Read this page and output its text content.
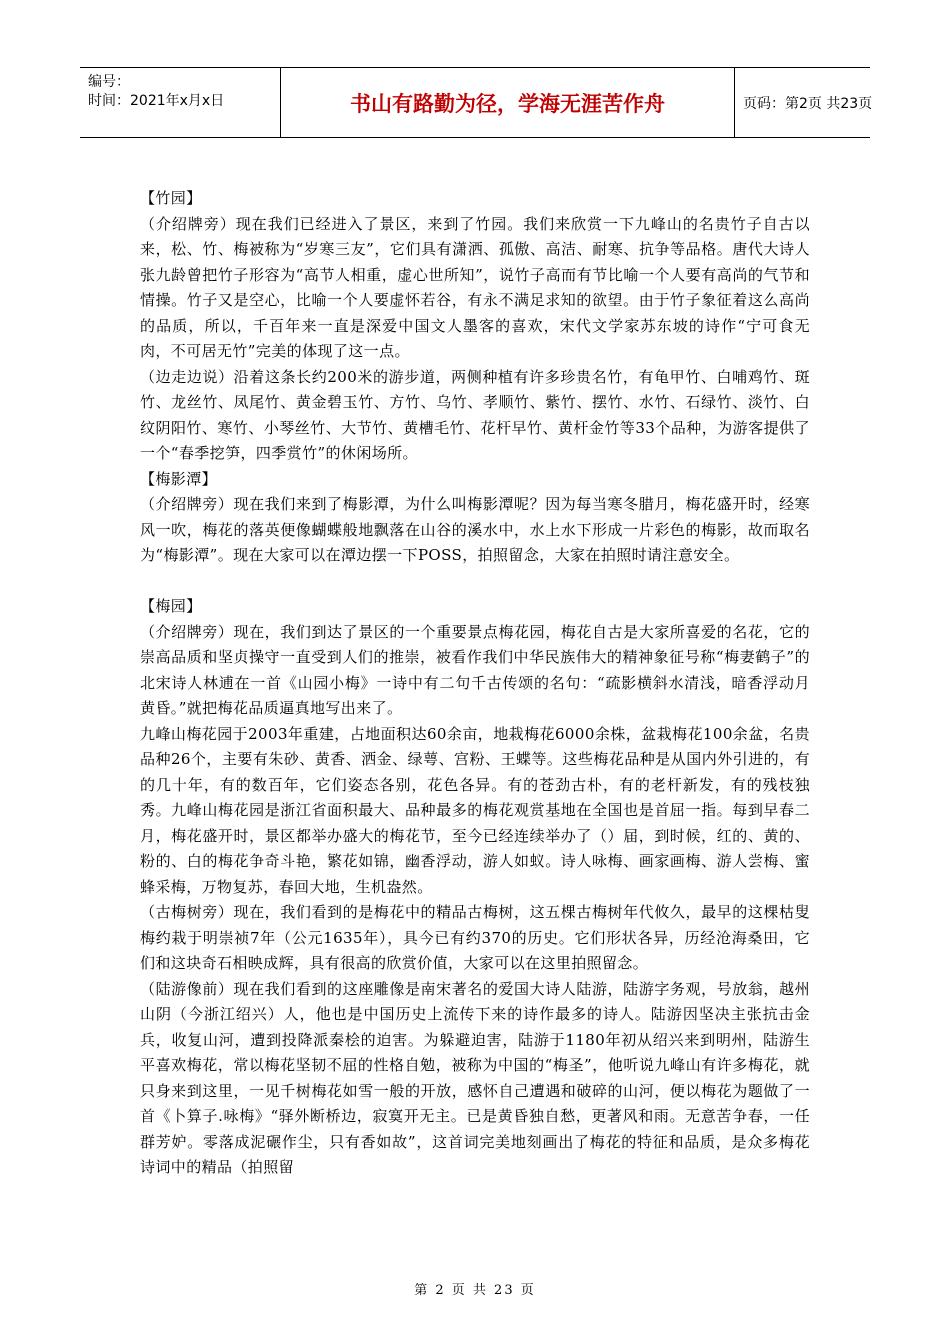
编号：
时间：2021年x月x日	书山有路勤为径，学海无涯苦作舟	页码：第2页 共23页

【竹园】

（介绍牌旁）现在我们已经进入了景区，来到了竹园。我们来欣赏一下九峰山的名贵竹子自古以来，松、竹、梅被称为“岁寒三友”，它们具有潇洒、孤傲、高洁、耐寒、抗争等品格。唐代大诗人张九龄曾把竹子形容为“高节人相重，虚心世所知”，说竹子高而有节比喻一个人要有高尚的气节和情操。竹子又是空心，比喻一个人要虚怀若谷，有永不满足求知的欲望。由于竹子象征着这么高尚的品质，所以，千百年来一直是深爱中国文人墨客的喜欢，宋代文学家苏东坡的诗作“宁可食无肉，不可居无竹”完美的体现了这一点。

（边走边说）沿着这条长约200米的游步道，两侧种植有许多珍贵名竹，有龟甲竹、白哺鸡竹、斑竹、龙丝竹、凤尾竹、黄金碧玉竹、方竹、乌竹、孝顺竹、紫竹、摆竹、水竹、石绿竹、淡竹、白纹阴阳竹、寒竹、小琴丝竹、大节竹、黄槽毛竹、花杆早竹、黄杆金竹等33个品种，为游客提供了一个“春季挖笋，四季赏竹”的休闲场所。

【梅影潭】

（介绍牌旁）现在我们来到了梅影潭，为什么叫梅影潭呢？因为每当寒冬腊月，梅花盛开时，经寒风一吹，梅花的落英便像蝴蝶般地飘落在山谷的溪水中，水上水下形成一片彩色的梅影，故而取名为“梅影潭”。现在大家可以在潭边摆一下POSS，拍照留念，大家在拍照时请注意安全。

【梅园】

（介绍牌旁）现在，我们到达了景区的一个重要景点梅花园，梅花自古是大家所喜爱的名花，它的崇高品质和坚贞操守一直受到人们的推崇，被看作我们中华民族伟大的精神象征号称“梅妻鹤子”的北宋诗人林逋在一首《山园小梅》一诗中有二句千古传颂的名句：“疏影横斜水清浅，暗香浮动月黄昏。”就把梅花品质逼真地写出来了。

九峰山梅花园于2003年重建，占地面积达60余亩，地栽梅花6000余株，盆栽梅花100余盆，名贵品种26个，主要有朱砂、黄香、洒金、绿萼、宫粉、王蝶等。这些梅花品种是从国内外引进的，有的几十年，有的数百年，它们姿态各别，花色各异。有的苍劲古朴，有的老杆新发，有的残枝独秀。九峰山梅花园是浙江省面积最大、品种最多的梅花观赏基地在全国也是首屈一指。每到早春二月，梅花盛开时，景区都举办盛大的梅花节，至今已经连续举办了（）届，到时候，红的、黄的、粉的、白的梅花争奇斗艳，繁花如锦，幽香浮动，游人如蚁。诗人咏梅、画家画梅、游人尝梅、蜜蜂采梅，万物复苏，春回大地，生机盎然。

（古梅树旁）现在，我们看到的是梅花中的精品古梅树，这五棵古梅树年代攸久，最早的这棵枯叟梅约栽于明崇祯7年（公元1635年），具今已有约370的历史。它们形状各异，历经沧海桑田，它们和这块奇石相映成辉，具有很高的欣赏价值，大家可以在这里拍照留念。

（陆游像前）现在我们看到的这座雕像是南宋著名的爱国大诗人陆游，陆游字务观，号放翁，越州山阴（今浙江绍兴）人，他也是中国历史上流传下来的诗作最多的诗人。陆游因坚决主张抗击金兵，收复山河，遭到投降派秦桧的迫害。为躲避迫害，陆游于1180年初从绍兴来到明州，陆游生平喜欢梅花，常以梅花坚韧不屈的性格自勉，被称为中国的“梅圣”，他听说九峰山有许多梅花，就只身来到这里，一见千树梅花如雪一般的开放，感怀自己遭遇和破碎的山河，便以梅花为题做了一首《卜算子.咏梅》“驿外断桥边，寂寞开无主。已是黄昏独自愁，更著风和雨。无意苦争春，一任群芳妒。零落成泥碾作尘，只有香如故”，这首词完美地刻画出了梅花的特征和品质，是众多梅花诗词中的精品（拍照留

第 2 页 共 23 页
